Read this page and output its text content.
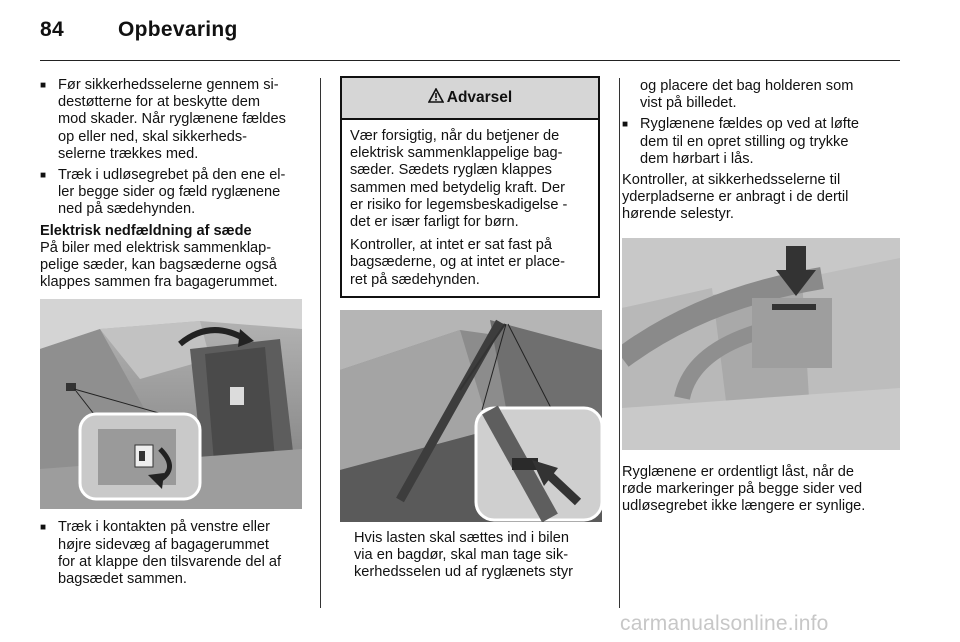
84	Opbevaring
■ Før sikkerhedsselerne gennem si-
destøtterne for at beskytte dem
mod skader. Når ryglænene fældes
op eller ned, skal sikkerheds-
selerne trækkes med.
■ Træk i udløsegrebet på den ene el-
ler begge sider og fæld ryglænene
ned på sædehynden.
Elektrisk nedfældning af sæde
På biler med elektrisk sammenklap-
pelige sæder, kan bagsæderne også
klappes sammen fra bagagerummet.
■ Træk i kontakten på venstre eller
højre sidevæg af bagagerummet
for at klappe den tilsvarende del af
bagsædet sammen.
Advarsel

Vær forsigtig, når du betjener de
elektrisk sammenklappelige bag-
sæder. Sædets ryglæn klappes
sammen med betydelig kraft. Der
er risiko for legemsbeskadigelse -
det er især farligt for børn.

Kontroller, at intet er sat fast på
bagsæderne, og at intet er place-
ret på sædehynden.

Hvis lasten skal sættes ind i bilen
via en bagdør, skal man tage sik-
kerhedsselen ud af ryglænets styr
og placere det bag holderen som
vist på billedet.
■ Ryglænene fældes op ved at løfte
dem til en opret stilling og trykke
dem hørbart i lås.
Kontroller, at sikkerhedsselerne til
yderpladserne er anbragt i de dertil
hørende selestyr.
Ryglænene er ordentligt låst, når de
røde markeringer på begge sider ved
udløsegrebet ikke længere er synlige.
carmanualsonline.info
